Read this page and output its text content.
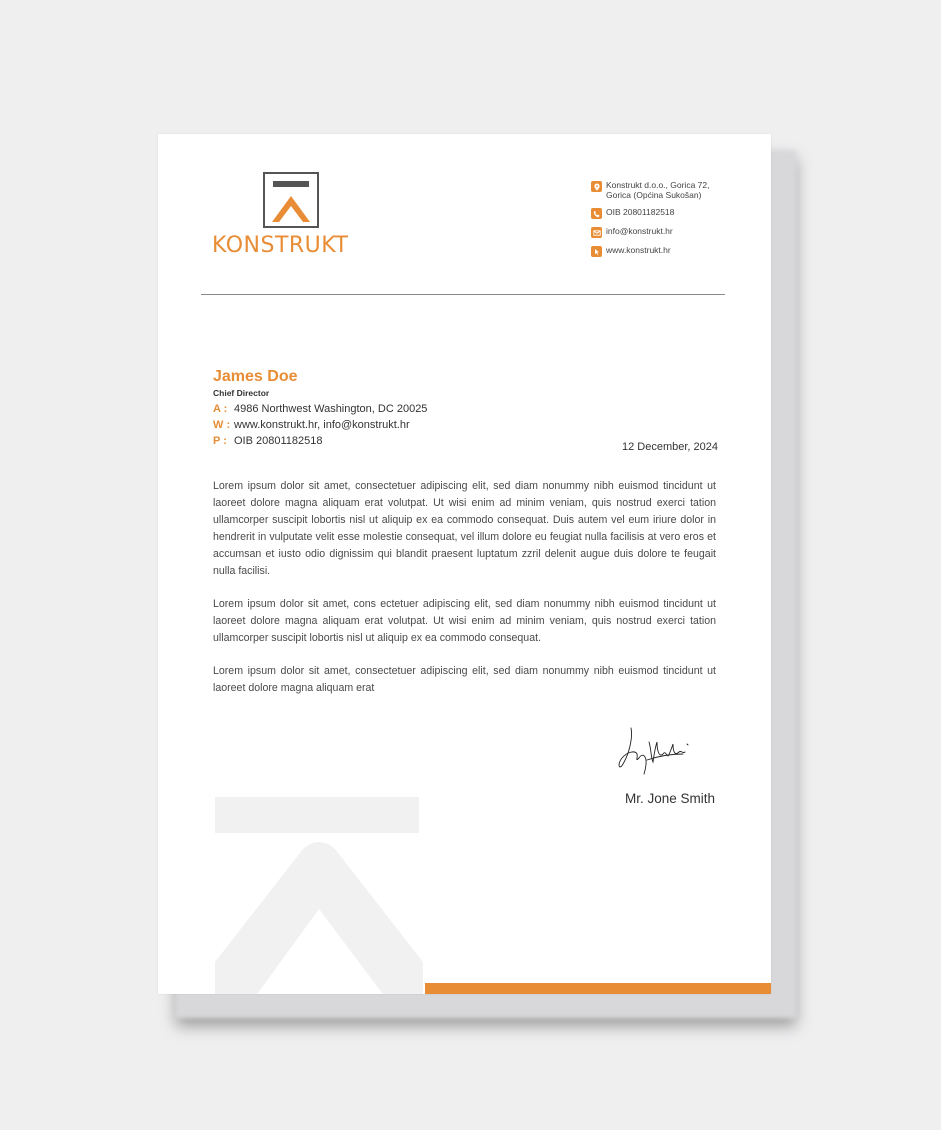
KONSTRUKT
Konstrukt d.o.o., Gorica 72,
Gorica (Općina Sukošan)
OIB 20801182518
info@konstrukt.hr
www.konstrukt.hr

James Doe

Chief Director

A : 4986 Northwest Washington, DC 20025
W : www.konstrukt.hr, info@konstrukt.hr
P : OIB 20801182518	12 December, 2024

Lorem ipsum dolor sit amet, consectetuer adipiscing elit, sed diam nonummy nibh euismod tincidunt ut laoreet dolore magna aliquam erat volutpat. Ut wisi enim ad minim veniam, quis nostrud exerci tation ullamcorper suscipit lobortis nisl ut aliquip ex ea commodo consequat. Duis autem vel eum iriure dolor in hendrerit in vulputate velit esse molestie consequat, vel illum dolore eu feugiat nulla facilisis at vero eros et accumsan et iusto odio dignissim qui blandit praesent luptatum zzril delenit augue duis dolore te feugait nulla facilisi.

Lorem ipsum dolor sit amet, cons ectetuer adipiscing elit, sed diam nonummy nibh euismod tincidunt ut laoreet dolore magna aliquam erat volutpat. Ut wisi enim ad minim veniam, quis nostrud exerci tation ullamcorper suscipit lobortis nisl ut aliquip ex ea commodo consequat.

Lorem ipsum dolor sit amet, consectetuer adipiscing elit, sed diam nonummy nibh euismod tincidunt ut laoreet dolore magna aliquam erat

Mr. Jone Smith
